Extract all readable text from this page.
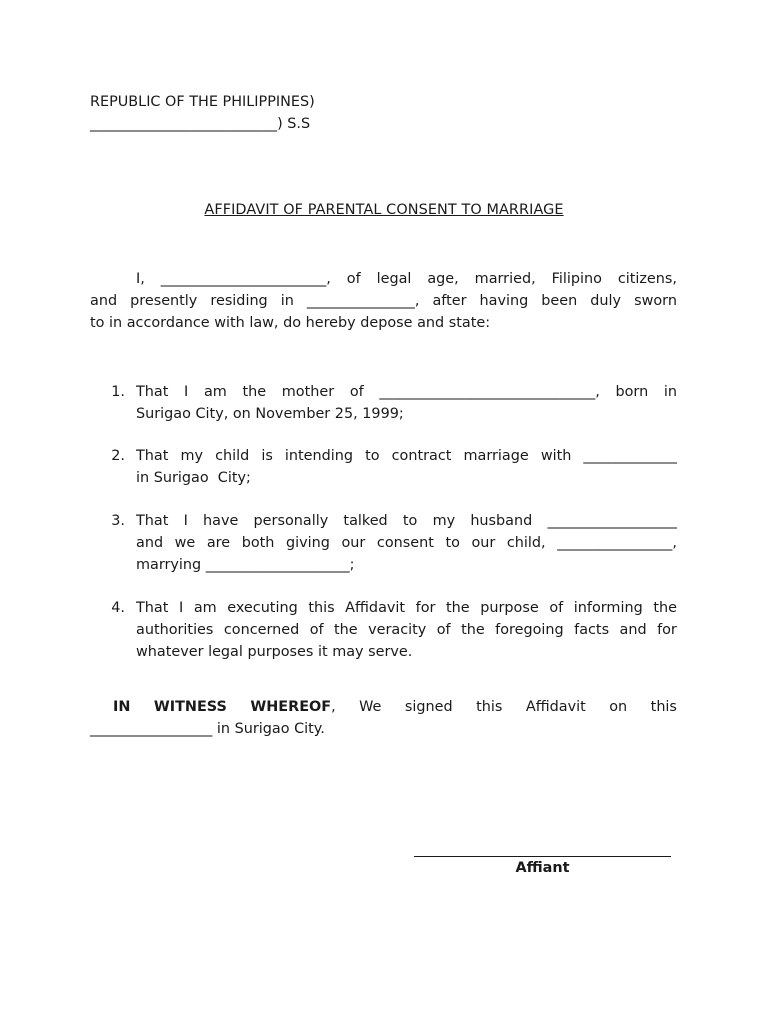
REPUBLIC OF THE PHILIPPINES)
__________________________) S.S
AFFIDAVIT OF PARENTAL CONSENT TO MARRIAGE
I, _______________________, of legal age, married, Filipino citizens,
and presently residing in _______________, after having been duly sworn
to in accordance with law, do hereby depose and state:
1. That I am the mother of ______________________________, born in
Surigao City, on November 25, 1999;
2. That my child is intending to contract marriage with _____________
in Surigao  City;
3. That I have personally talked to my husband __________________
and we are both giving our consent to our child, ________________,
marrying ____________________;
4. That I am executing this Affidavit for the purpose of informing the
authorities concerned of the veracity of the foregoing facts and for
whatever legal purposes it may serve.
IN WITNESS WHEREOF, We signed this Affidavit on this
_________________ in Surigao City.
Affiant
